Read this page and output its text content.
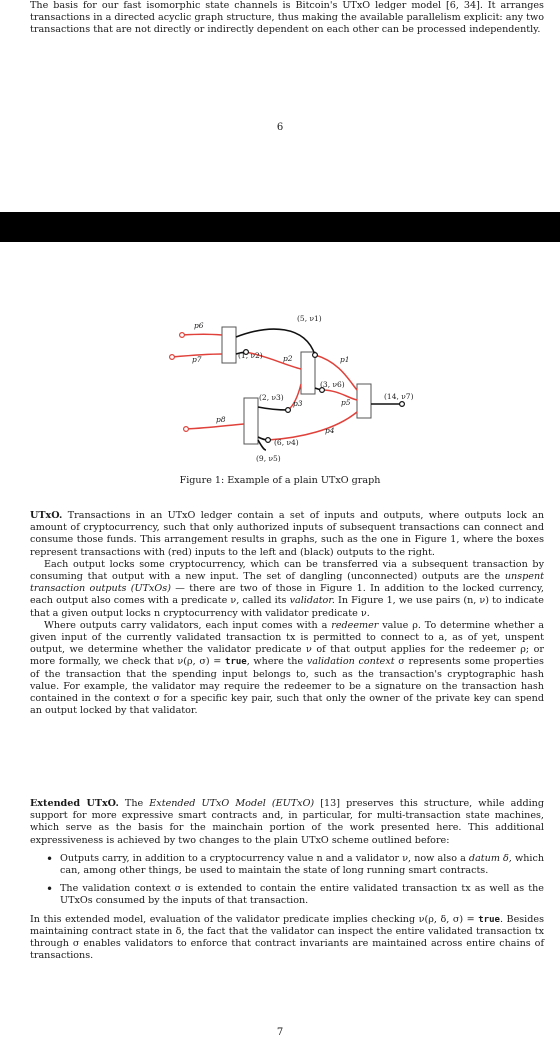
The basis for our fast isomorphic state channels is Bitcoin's UTxO ledger model [6, 34]. It arranges transactions in a directed acyclic graph structure, thus making the available parallelism explicit: any two transactions that are not directly or indirectly dependent on each other can be processed independently.

6
p6
p7	p2	p1
p3	p5
p8
p4
(5, ν1)
(1, ν2)
(2, ν3)
(3, ν6)
(14, ν7)
(6, ν4)
(9, ν5)
Figure 1: Example of a plain UTxO graph

UTxO. Transactions in an UTxO ledger contain a set of inputs and outputs, where outputs lock an amount of cryptocurrency, such that only authorized inputs of subsequent transactions can connect and consume those funds. This arrangement results in graphs, such as the one in Figure 1, where the boxes represent transactions with (red) inputs to the left and (black) outputs to the right.

Each output locks some cryptocurrency, which can be transferred via a subsequent transaction by consuming that output with a new input. The set of dangling (unconnected) outputs are the unspent transaction outputs (UTxOs) — there are two of those in Figure 1. In addition to the locked currency, each output also comes with a predicate ν, called its validator. In Figure 1, we use pairs (n, ν) to indicate that a given output locks n cryptocurrency with validator predicate ν.

Where outputs carry validators, each input comes with a redeemer value ρ. To determine whether a given input of the currently validated transaction tx is permitted to connect to a, as of yet, unspent output, we determine whether the validator predicate ν of that output applies for the redeemer ρ; or more formally, we check that ν(ρ, σ) = true, where the validation context σ represents some properties of the transaction that the spending input belongs to, such as the transaction's cryptographic hash value. For example, the validator may require the redeemer to be a signature on the transaction hash contained in the context σ for a specific key pair, such that only the owner of the private key can spend an output locked by that validator.

Extended UTxO. The Extended UTxO Model (EUTxO) [13] preserves this structure, while adding support for more expressive smart contracts and, in particular, for multi-transaction state machines, which serve as the basis for the mainchain portion of the work presented here. This additional expressiveness is achieved by two changes to the plain UTxO scheme outlined before:

• Outputs carry, in addition to a cryptocurrency value n and a validator ν, now also a datum δ, which can, among other things, be used to maintain the state of long running smart contracts.
• The validation context σ is extended to contain the entire validated transaction tx as well as the UTxOs consumed by the inputs of that transaction.

In this extended model, evaluation of the validator predicate implies checking ν(ρ, δ, σ) = true. Besides maintaining contract state in δ, the fact that the validator can inspect the entire validated transaction tx through σ enables validators to enforce that contract invariants are maintained across entire chains of transactions.

7
